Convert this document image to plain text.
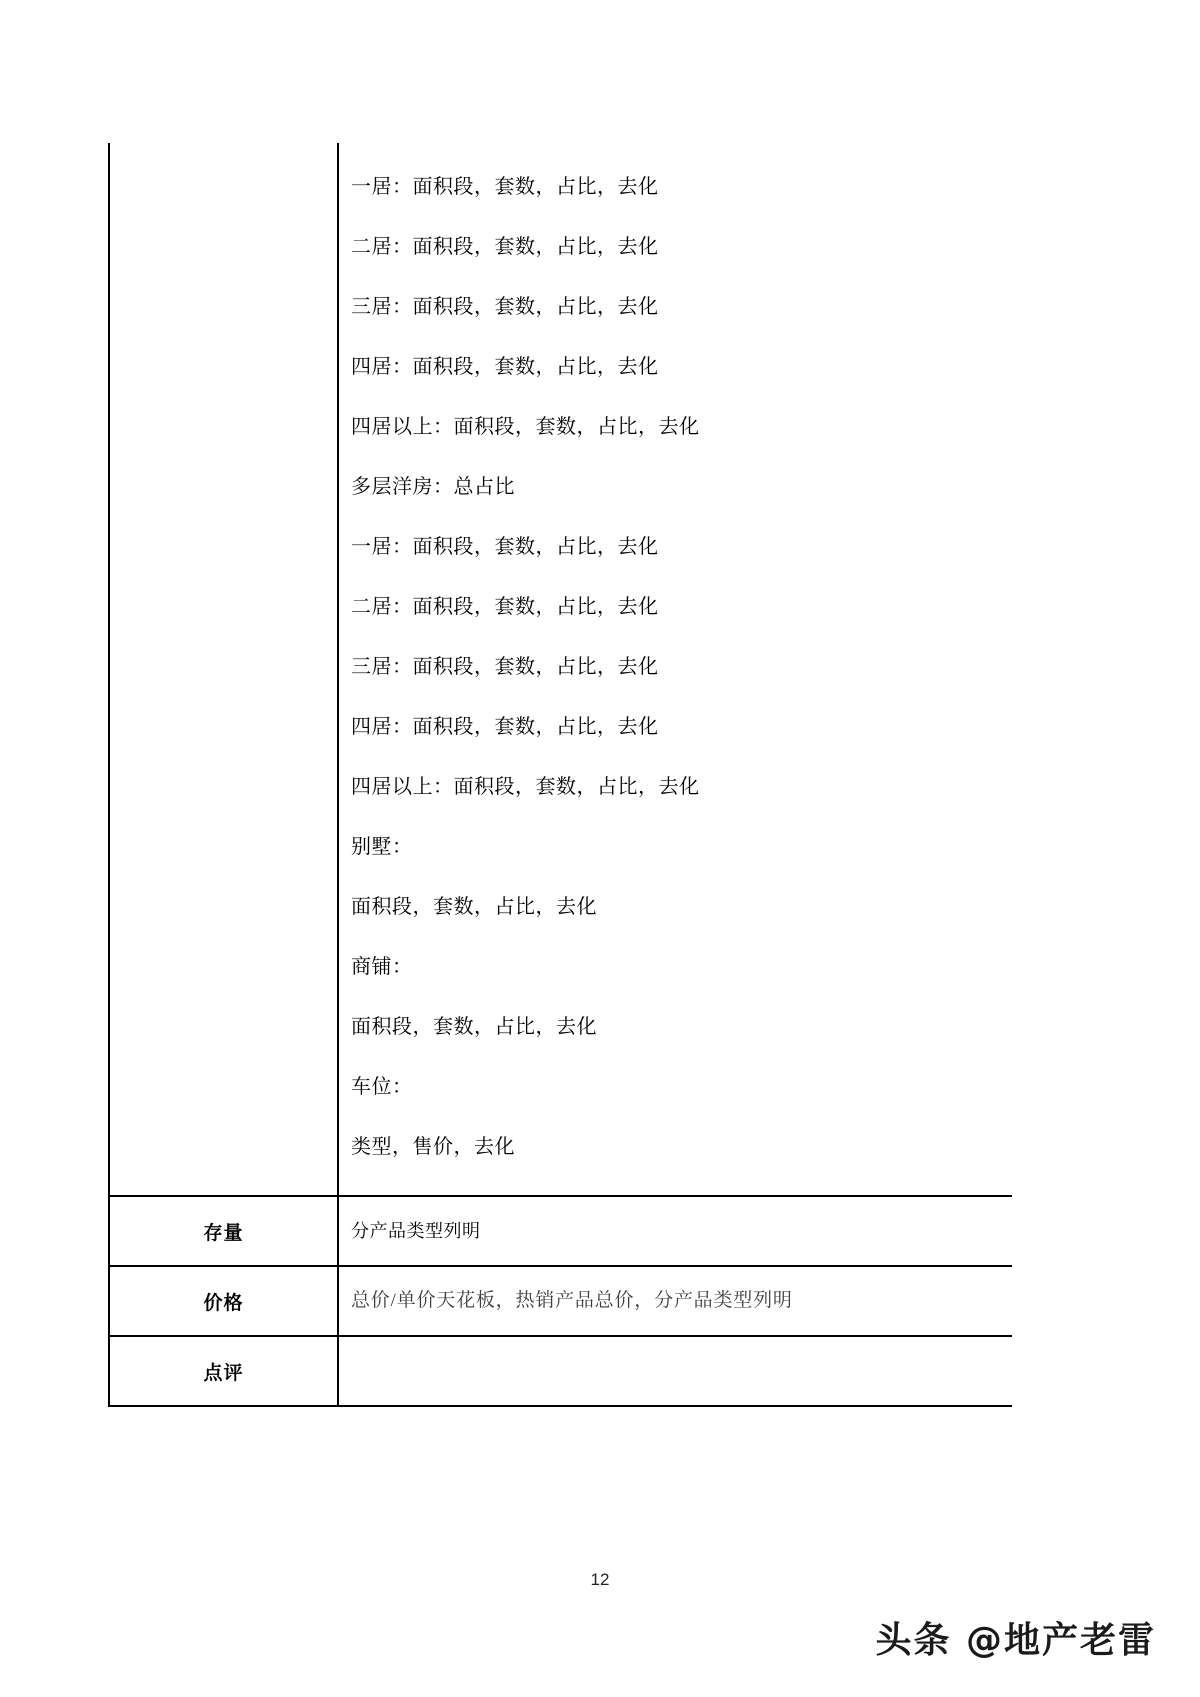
一居：面积段，套数，占比，去化
二居：面积段，套数，占比，去化
三居：面积段，套数，占比，去化
四居：面积段，套数，占比，去化
四居以上：面积段，套数，占比，去化
多层洋房：总占比
一居：面积段，套数，占比，去化
二居：面积段，套数，占比，去化
三居：面积段，套数，占比，去化
四居：面积段，套数，占比，去化
四居以上：面积段，套数，占比，去化
别墅：
面积段，套数，占比，去化
商铺：
面积段，套数，占比，去化
车位：
类型，售价，去化

存量	分产品类型列明

价格	总价/单价天花板，热销产品总价，分产品类型列明

点评	

12
头条 @地产老雷
